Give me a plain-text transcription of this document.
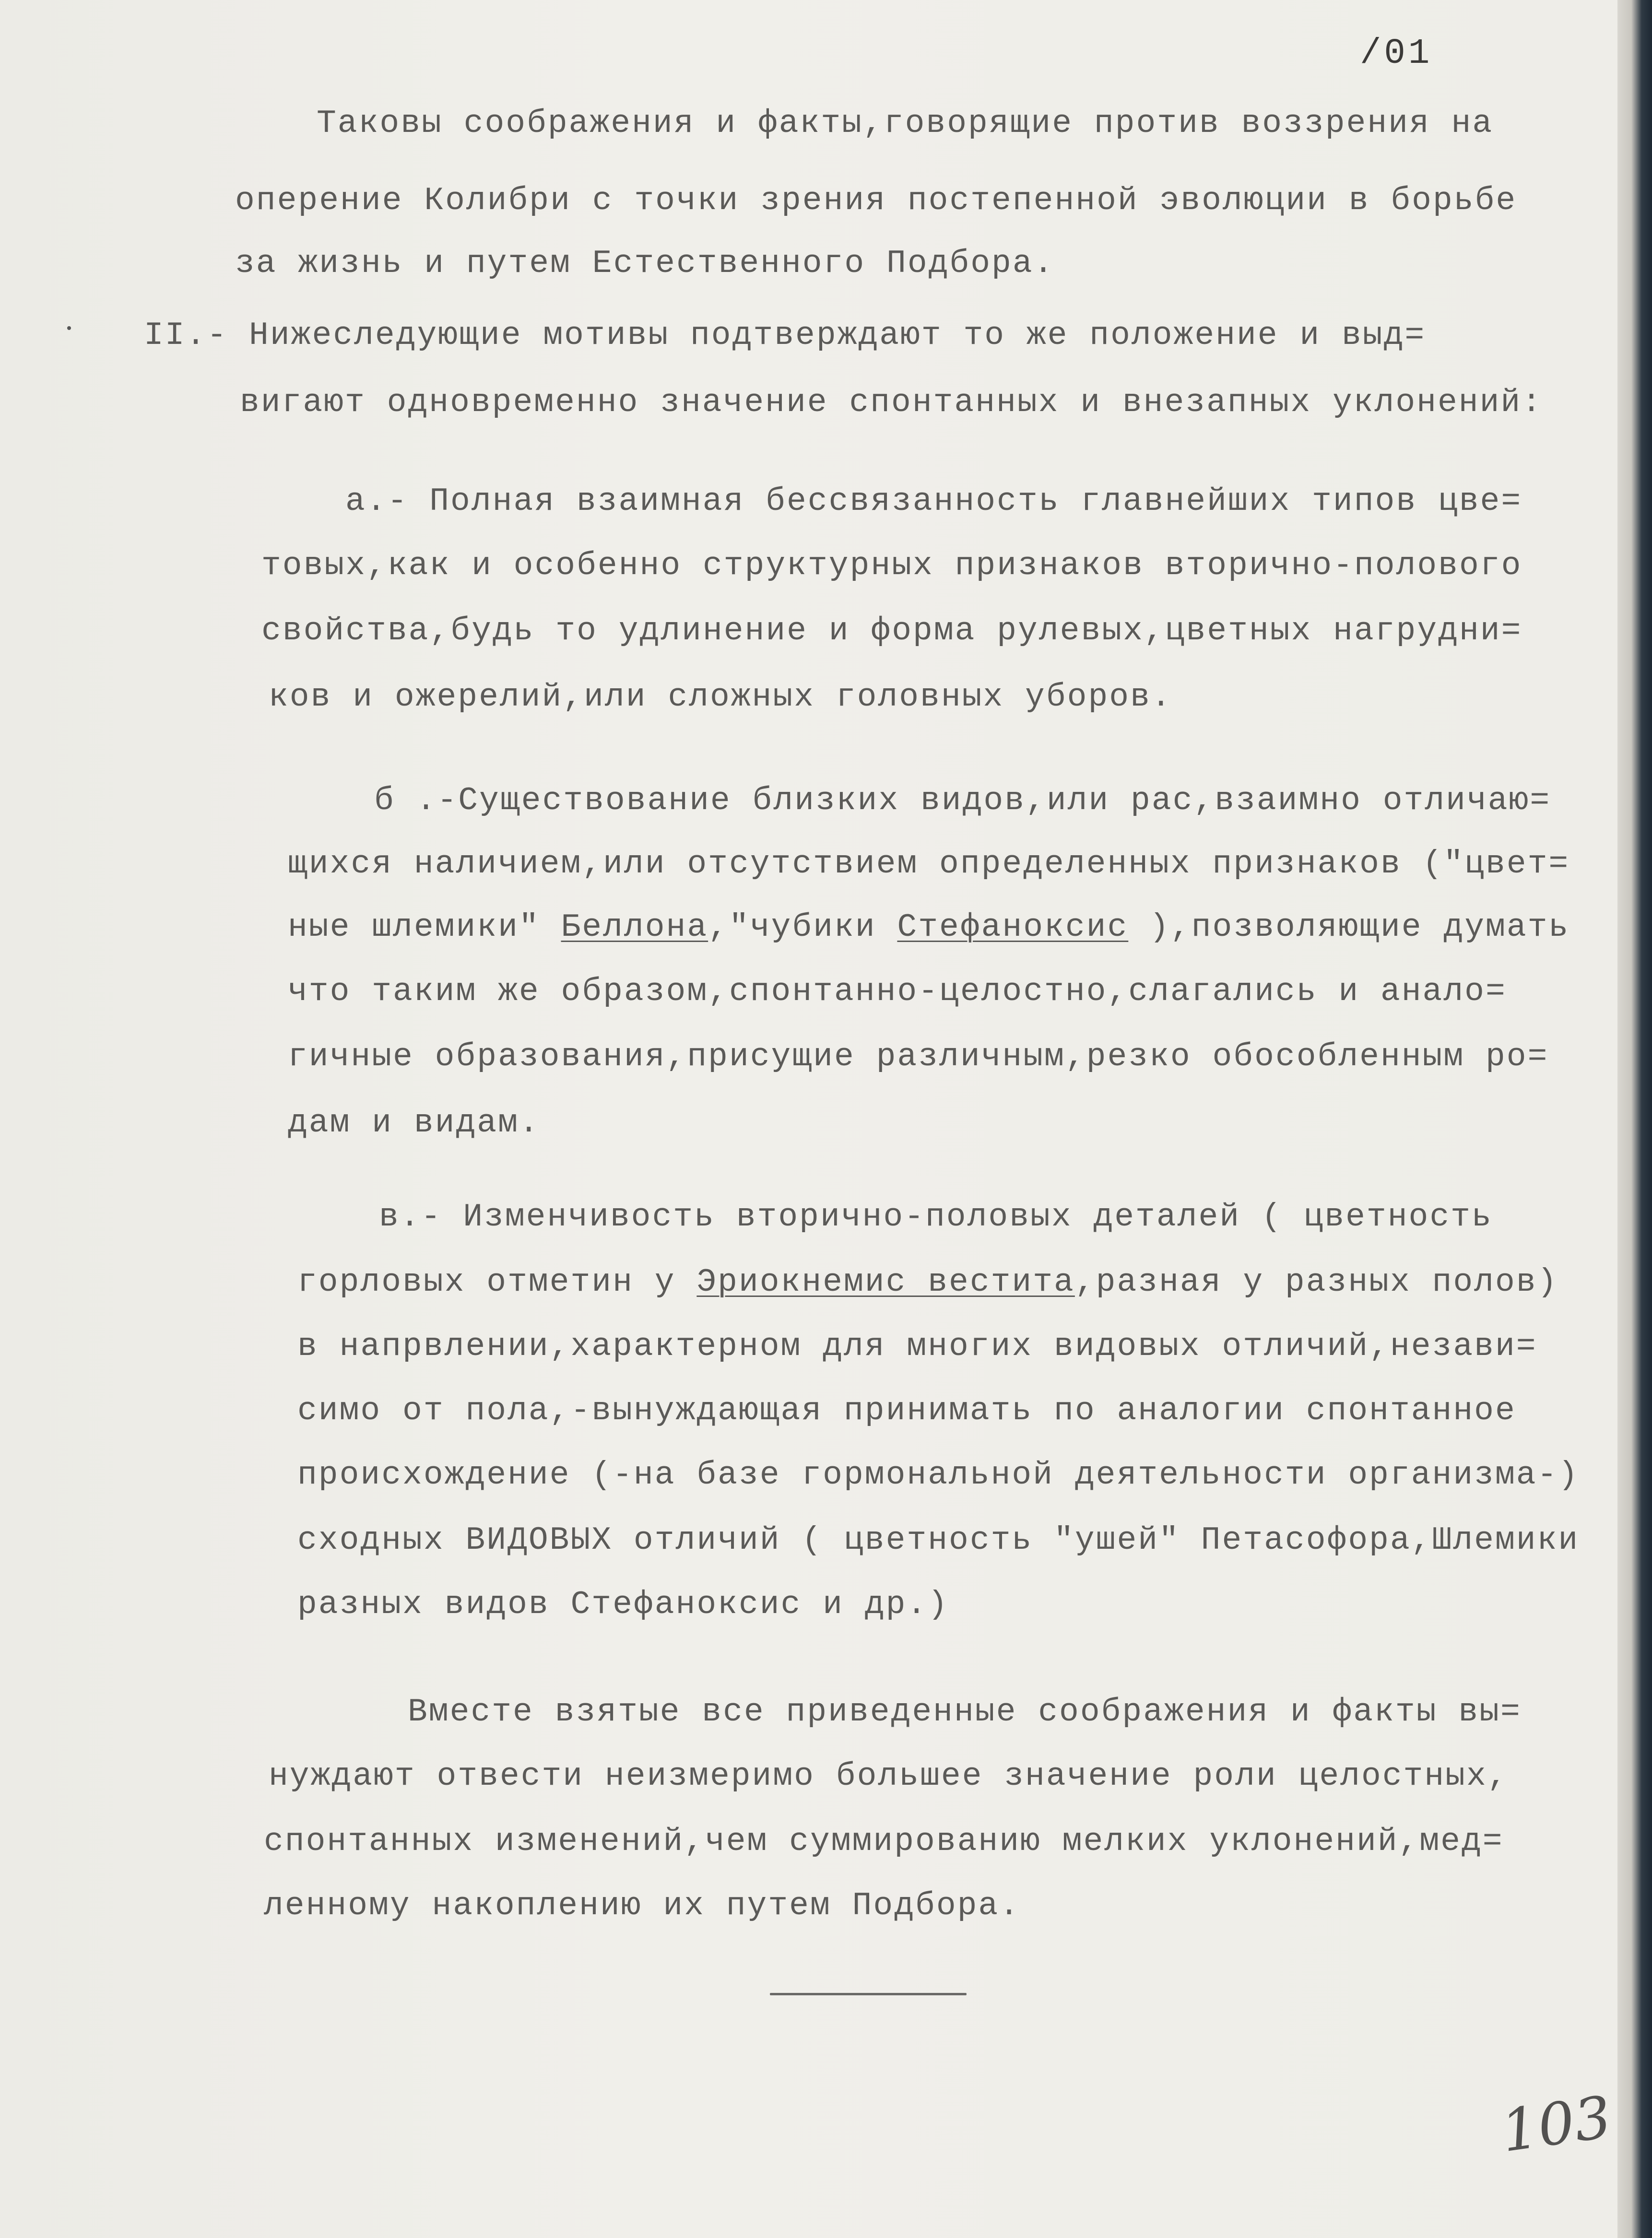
/01
Таковы соображения и факты,говорящие против воззрения на
оперение Колибри с точки зрения постепенной эволюции в борьбе
за жизнь и путем Естественного Подбора.
II.- Нижеследующие мотивы подтверждают то же положение и выд=
вигают одновременно значение спонтанных и внезапных уклонений:
а.- Полная взаимная бессвязанность главнейших типов цве=
товых,как и особенно структурных признаков вторично-полового
свойства,будь то удлинение и форма рулевых,цветных нагрудни=
ков и ожерелий,или сложных головных уборов.
б .-Существование близких видов,или рас,взаимно отличаю=
щихся наличием,или отсутствием определенных признаков ("цвет=
ные шлемики" Беллона,"чубики Стефаноксис ),позволяющие думать
что таким же образом,спонтанно-целостно,слагались и аналo=
гичные образования,присущие различным,резко обособленным ро=
дам и видам.
в.- Изменчивость вторично-половых деталей ( цветность
горловых отметин у Эриокнемис вестита,разная у разных полов)
в напрвлении,характерном для многих видовых отличий,незави=
симо от пола,-вынуждающая принимать по аналогии спонтанное
происхождение (-на базе гормональной деятельности организма-)
сходных ВИДОВЫХ отличий ( цветность "ушей" Петасофора,Шлемики
разных видов Стефаноксис и др.)
Вместе взятые все приведенные соображения и факты вы=
нуждают отвести неизмеримо большее значение роли целостных,
спонтанных изменений,чем суммированию мелких уклонений,мед=
ленному накоплению их путем Подбора.
103
